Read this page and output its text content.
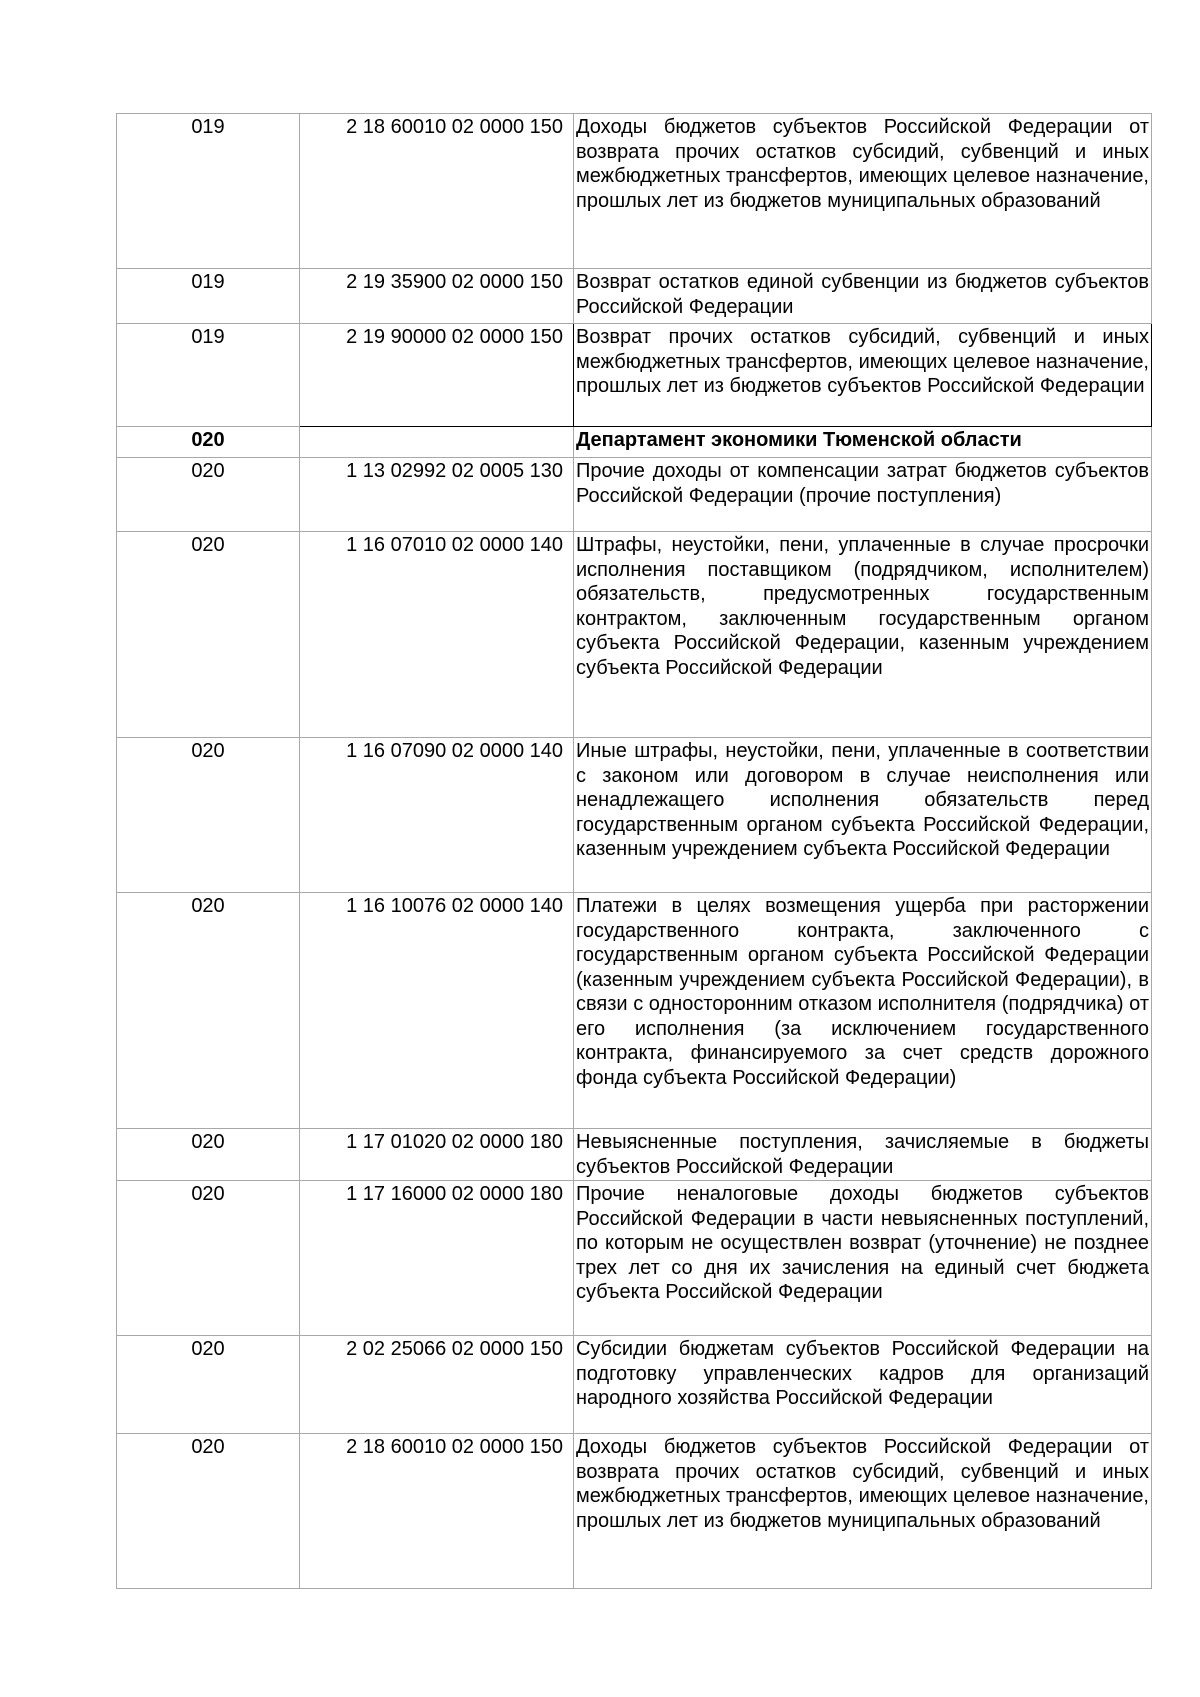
019	2 18 60010 02 0000 150	Доходы бюджетов субъектов Российской Федерации от возврата прочих остатков субсидий, субвенций и иных межбюджетных трансфертов, имеющих целевое назначение, прошлых лет из бюджетов муниципальных образований
019	2 19 35900 02 0000 150	Возврат остатков единой субвенции из бюджетов субъектов Российской Федерации
019	2 19 90000 02 0000 150	Возврат прочих остатков субсидий, субвенций и иных межбюджетных трансфертов, имеющих целевое назначение, прошлых лет из бюджетов субъектов Российской Федерации
020		Департамент экономики Тюменской области
020	1 13 02992 02 0005 130	Прочие доходы от компенсации затрат бюджетов субъектов Российской Федерации (прочие поступления)
020	1 16 07010 02 0000 140	Штрафы, неустойки, пени, уплаченные в случае просрочки исполнения поставщиком (подрядчиком, исполнителем) обязательств, предусмотренных государственным контрактом, заключенным государственным органом субъекта Российской Федерации, казенным учреждением субъекта Российской Федерации
020	1 16 07090 02 0000 140	Иные штрафы, неустойки, пени, уплаченные в соответствии с законом или договором в случае неисполнения или ненадлежащего исполнения обязательств перед государственным органом субъекта Российской Федерации, казенным учреждением субъекта Российской Федерации
020	1 16 10076 02 0000 140	Платежи в целях возмещения ущерба при расторжении государственного контракта, заключенного с государственным органом субъекта Российской Федерации (казенным учреждением субъекта Российской Федерации), в связи с односторонним отказом исполнителя (подрядчика) от его исполнения (за исключением государственного контракта, финансируемого за счет средств дорожного фонда субъекта Российской Федерации)
020	1 17 01020 02 0000 180	Невыясненные поступления, зачисляемые в бюджеты субъектов Российской Федерации
020	1 17 16000 02 0000 180	Прочие неналоговые доходы бюджетов субъектов Российской Федерации в части невыясненных поступлений, по которым не осуществлен возврат (уточнение) не позднее трех лет со дня их зачисления на единый счет бюджета субъекта Российской Федерации
020	2 02 25066 02 0000 150	Субсидии бюджетам субъектов Российской Федерации на подготовку управленческих кадров для организаций народного хозяйства Российской Федерации
020	2 18 60010 02 0000 150	Доходы бюджетов субъектов Российской Федерации от возврата прочих остатков субсидий, субвенций и иных межбюджетных трансфертов, имеющих целевое назначение, прошлых лет из бюджетов муниципальных образований
